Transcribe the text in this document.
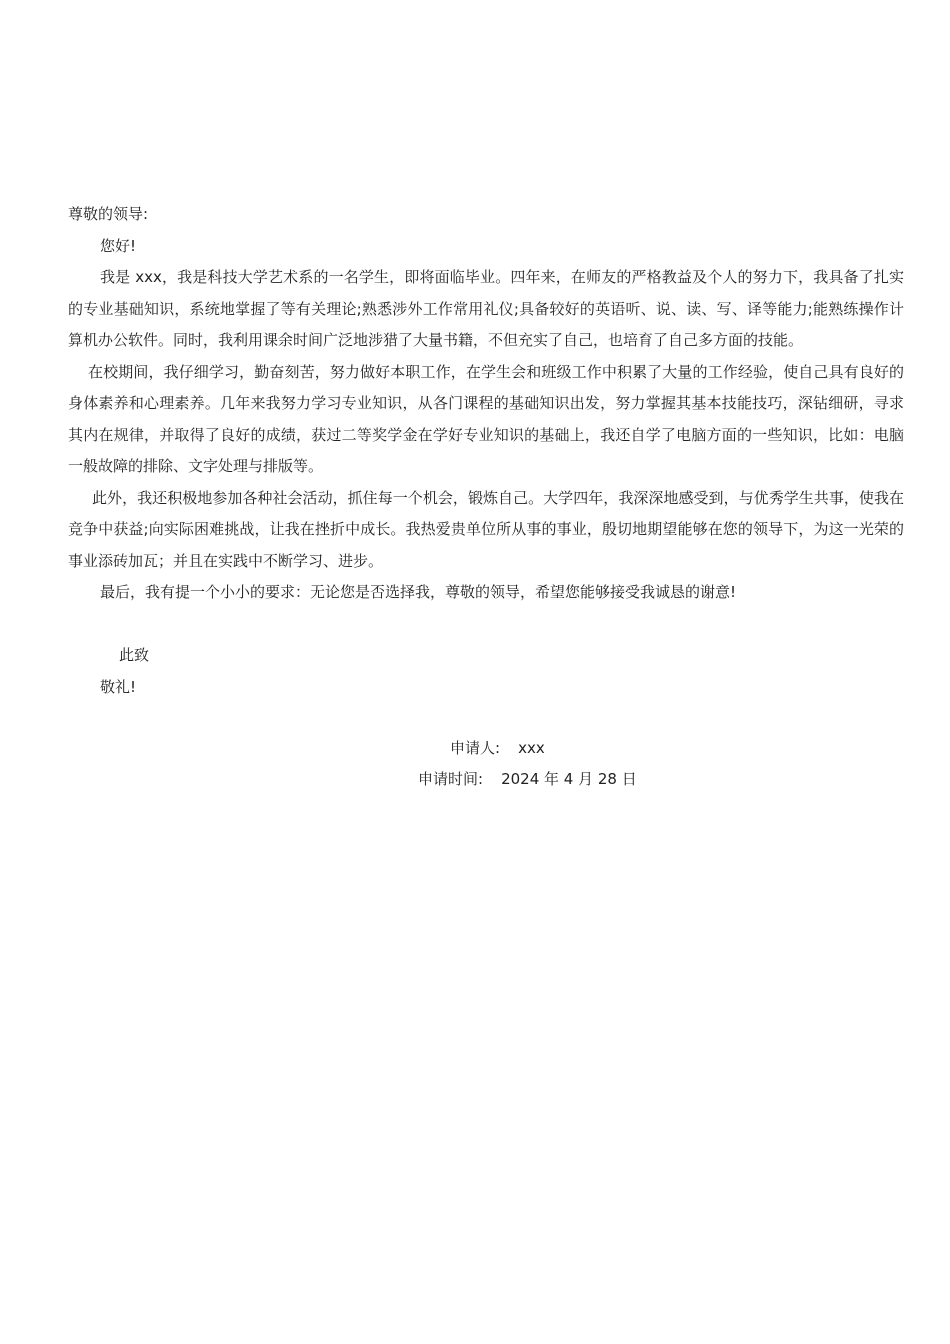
尊敬的领导:
您好!
我是 xxx，我是科技大学艺术系的一名学生，即将面临毕业。四年来，在师友的严格教益及个人的努力下，我具备了扎实的专业基础知识，系统地掌握了等有关理论;熟悉涉外工作常用礼仪;具备较好的英语听、说、读、写、译等能力;能熟练操作计算机办公软件。同时，我利用课余时间广泛地涉猎了大量书籍，不但充实了自己，也培育了自己多方面的技能。
在校期间，我仔细学习，勤奋刻苦，努力做好本职工作，在学生会和班级工作中积累了大量的工作经验，使自己具有良好的身体素养和心理素养。几年来我努力学习专业知识，从各门课程的基础知识出发，努力掌握其基本技能技巧，深钻细研，寻求其内在规律，并取得了良好的成绩，获过二等奖学金在学好专业知识的基础上，我还自学了电脑方面的一些知识，比如：电脑一般故障的排除、文字处理与排版等。
此外，我还积极地参加各种社会活动，抓住每一个机会，锻炼自己。大学四年，我深深地感受到，与优秀学生共事，使我在竞争中获益;向实际困难挑战，让我在挫折中成长。我热爱贵单位所从事的事业，殷切地期望能够在您的领导下，为这一光荣的事业添砖加瓦；并且在实践中不断学习、进步。
最后，我有提一个小小的要求：无论您是否选择我，尊敬的领导，希望您能够接受我诚恳的谢意!
此致
敬礼!
申请人: xxx
申请时间: 2024 年 4 月 28 日
